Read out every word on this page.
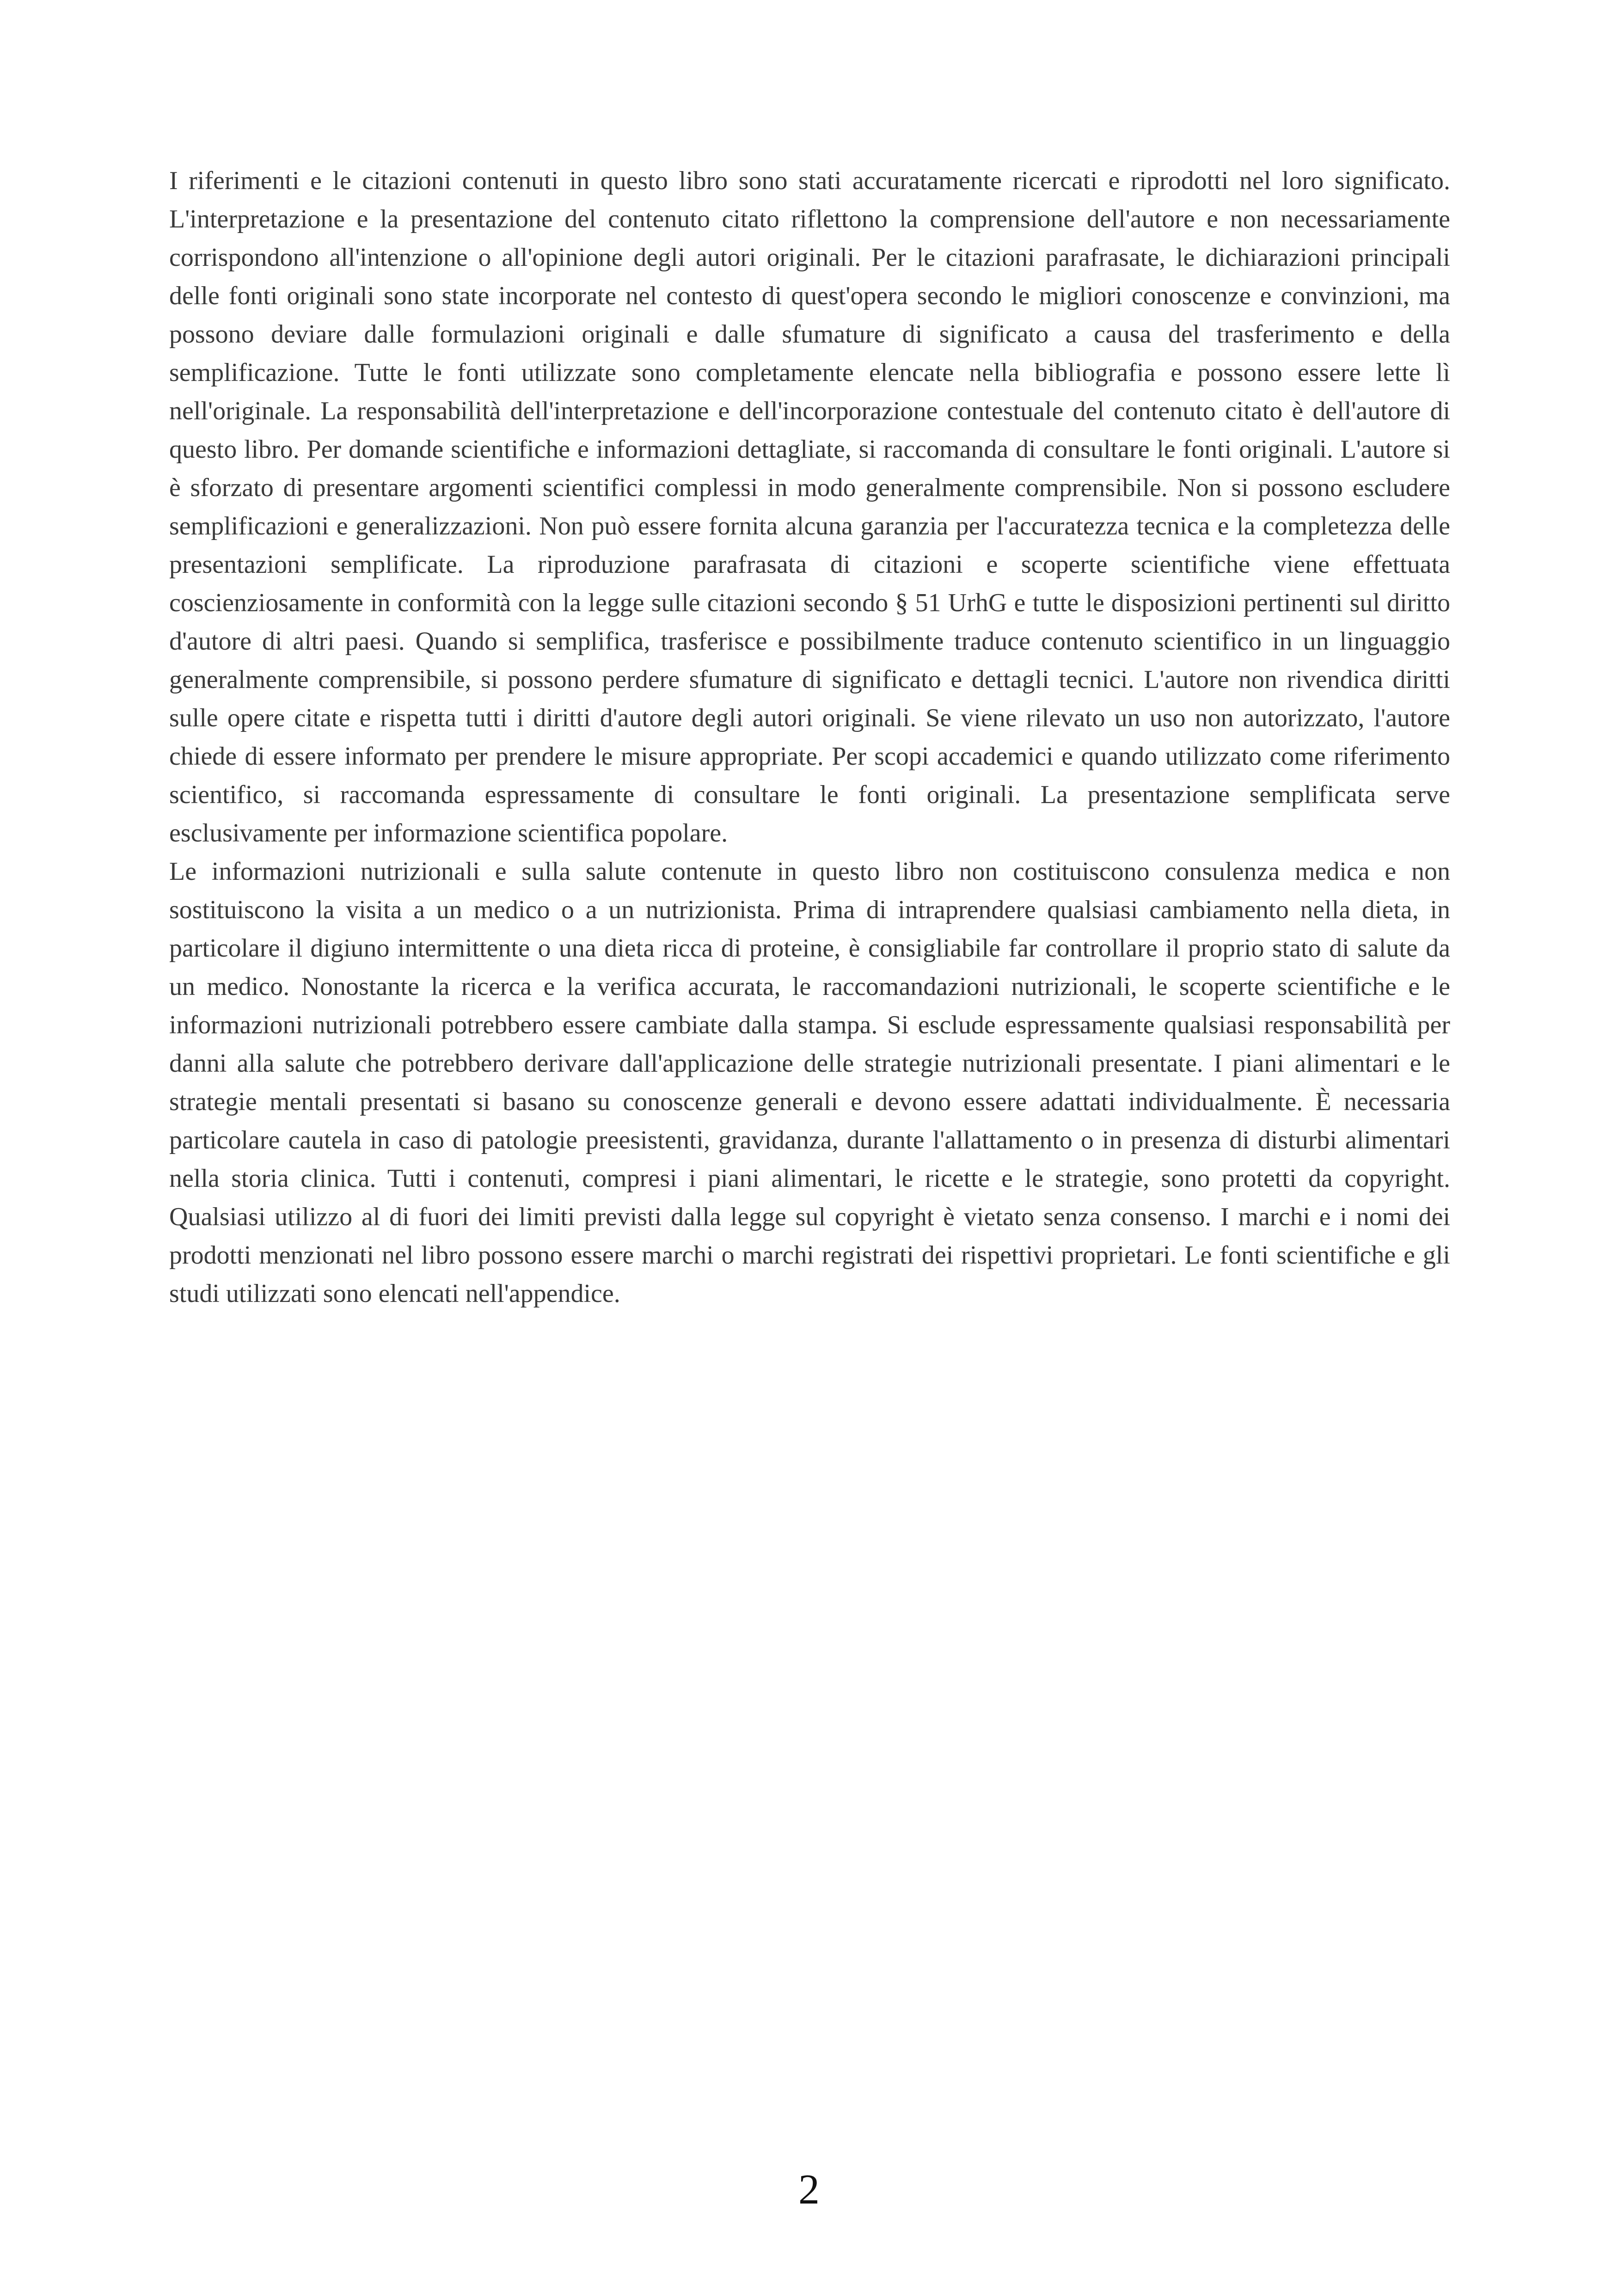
I riferimenti e le citazioni contenuti in questo libro sono stati accuratamente ricercati e riprodotti nel loro significato. L'interpretazione e la presentazione del contenuto citato riflettono la comprensione dell'autore e non necessariamente corrispondono all'intenzione o all'opinione degli autori originali. Per le citazioni parafrasate, le dichiarazioni principali delle fonti originali sono state incorporate nel contesto di quest'opera secondo le migliori conoscenze e convinzioni, ma possono deviare dalle formulazioni originali e dalle sfumature di significato a causa del trasferimento e della semplificazione. Tutte le fonti utilizzate sono completamente elencate nella bibliografia e possono essere lette lì nell'originale. La responsabilità dell'interpretazione e dell'incorporazione contestuale del contenuto citato è dell'autore di questo libro. Per domande scientifiche e informazioni dettagliate, si raccomanda di consultare le fonti originali. L'autore si è sforzato di presentare argomenti scientifici complessi in modo generalmente comprensibile. Non si possono escludere semplificazioni e generalizzazioni. Non può essere fornita alcuna garanzia per l'accuratezza tecnica e la completezza delle presentazioni semplificate. La riproduzione parafrasata di citazioni e scoperte scientifiche viene effettuata coscienziosamente in conformità con la legge sulle citazioni secondo § 51 UrhG e tutte le disposizioni pertinenti sul diritto d'autore di altri paesi. Quando si semplifica, trasferisce e possibilmente traduce contenuto scientifico in un linguaggio generalmente comprensibile, si possono perdere sfumature di significato e dettagli tecnici. L'autore non rivendica diritti sulle opere citate e rispetta tutti i diritti d'autore degli autori originali. Se viene rilevato un uso non autorizzato, l'autore chiede di essere informato per prendere le misure appropriate. Per scopi accademici e quando utilizzato come riferimento scientifico, si raccomanda espressamente di consultare le fonti originali. La presentazione semplificata serve esclusivamente per informazione scientifica popolare.

Le informazioni nutrizionali e sulla salute contenute in questo libro non costituiscono consulenza medica e non sostituiscono la visita a un medico o a un nutrizionista. Prima di intraprendere qualsiasi cambiamento nella dieta, in particolare il digiuno intermittente o una dieta ricca di proteine, è consigliabile far controllare il proprio stato di salute da un medico. Nonostante la ricerca e la verifica accurata, le raccomandazioni nutrizionali, le scoperte scientifiche e le informazioni nutrizionali potrebbero essere cambiate dalla stampa. Si esclude espressamente qualsiasi responsabilità per danni alla salute che potrebbero derivare dall'applicazione delle strategie nutrizionali presentate. I piani alimentari e le strategie mentali presentati si basano su conoscenze generali e devono essere adattati individualmente. È necessaria particolare cautela in caso di patologie preesistenti, gravidanza, durante l'allattamento o in presenza di disturbi alimentari nella storia clinica. Tutti i contenuti, compresi i piani alimentari, le ricette e le strategie, sono protetti da copyright. Qualsiasi utilizzo al di fuori dei limiti previsti dalla legge sul copyright è vietato senza consenso. I marchi e i nomi dei prodotti menzionati nel libro possono essere marchi o marchi registrati dei rispettivi proprietari. Le fonti scientifiche e gli studi utilizzati sono elencati nell'appendice.

2
